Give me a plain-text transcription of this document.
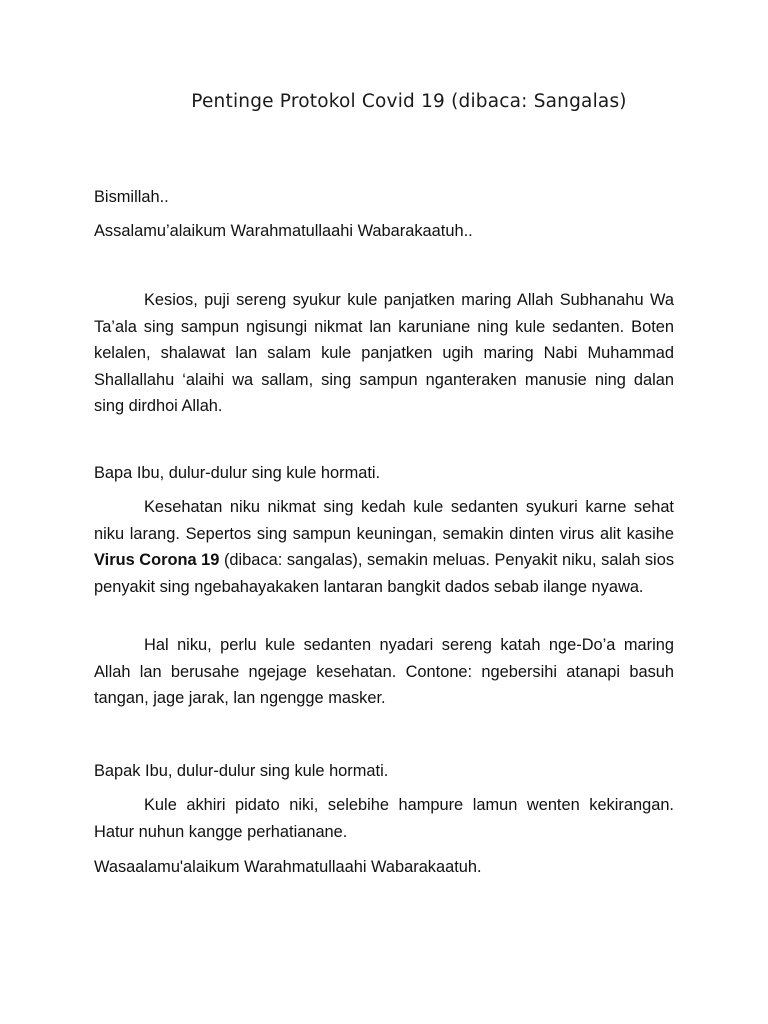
Pentinge Protokol Covid 19 (dibaca: Sangalas)
Bismillah..
Assalamu’alaikum Warahmatullaahi Wabarakaatuh..

Kesios, puji sereng syukur kule panjatken maring Allah Subhanahu Wa Ta’ala sing sampun ngisungi nikmat lan karuniane ning kule sedanten. Boten kelalen, shalawat lan salam kule panjatken ugih maring Nabi Muhammad Shallallahu ‘alaihi wa sallam, sing sampun nganteraken manusie ning dalan sing dirdhoi Allah.

Bapa Ibu, dulur-dulur sing kule hormati.

Kesehatan niku nikmat sing kedah kule sedanten syukuri karne sehat niku larang. Sepertos sing sampun keuningan, semakin dinten virus alit kasihe Virus Corona 19 (dibaca: sangalas), semakin meluas. Penyakit niku, salah sios penyakit sing ngebahayakaken lantaran bangkit dados sebab ilange nyawa.

Hal niku, perlu kule sedanten nyadari sereng katah nge-Do’a maring Allah lan berusahe ngejage kesehatan. Contone: ngebersihi atanapi basuh tangan, jage jarak, lan ngengge masker.

Bapak Ibu, dulur-dulur sing kule hormati.

Kule akhiri pidato niki, selebihe hampure lamun wenten kekirangan. Hatur nuhun kangge perhatianane.

Wasaalamu'alaikum Warahmatullaahi Wabarakaatuh.
